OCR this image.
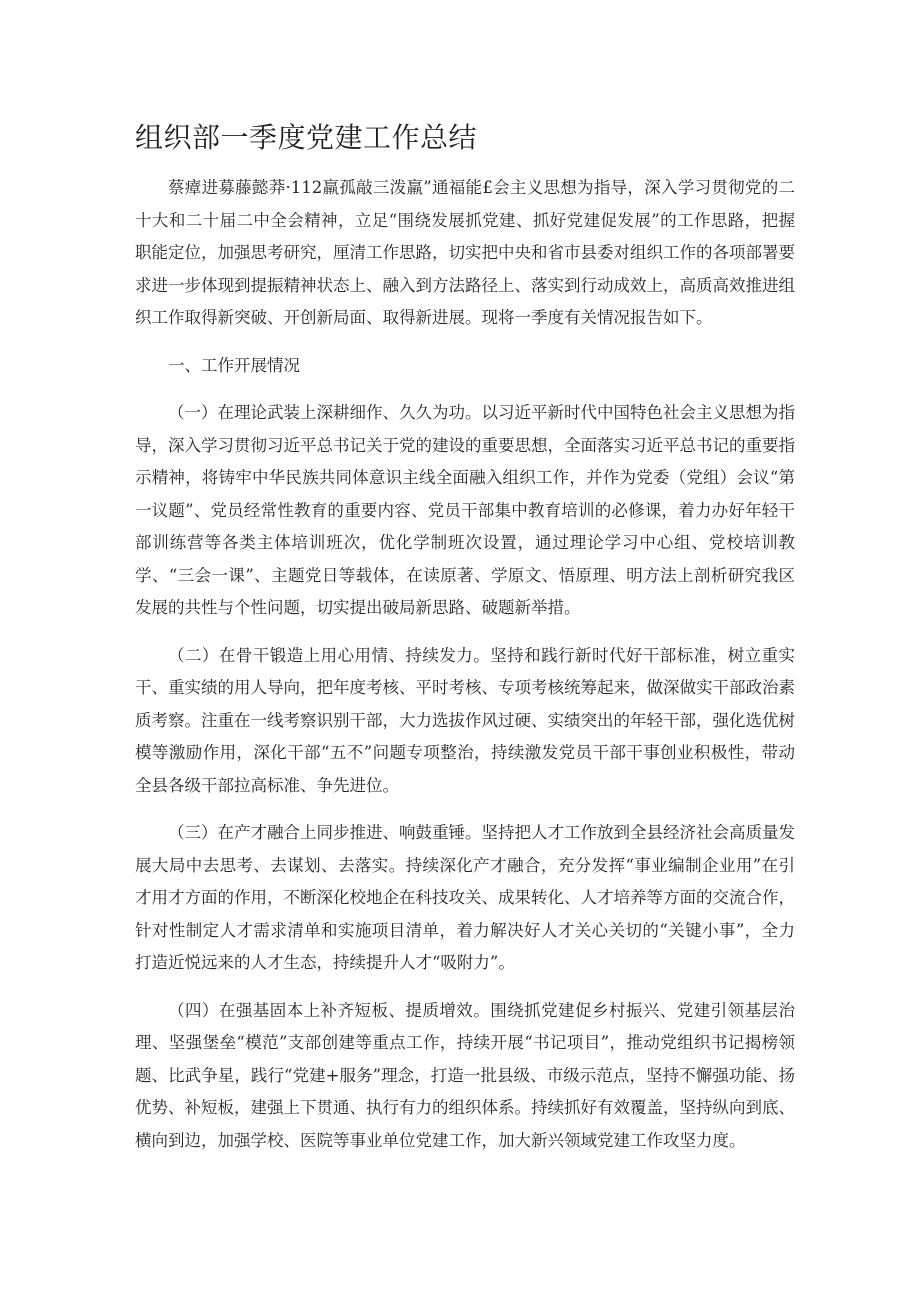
组织部一季度党建工作总结

蔡瘴进募藤懿莽·112羸孤敲三泼羸”通福能£会主义思想为指导，深入学习贯彻党的二十大和二十届二中全会精神，立足“围绕发展抓党建、抓好党建促发展”的工作思路，把握职能定位，加强思考研究，厘清工作思路，切实把中央和省市县委对组织工作的各项部署要求进一步体现到提振精神状态上、融入到方法路径上、落实到行动成效上，高质高效推进组织工作取得新突破、开创新局面、取得新进展。现将一季度有关情况报告如下。

一、工作开展情况

（一）在理论武装上深耕细作、久久为功。以习近平新时代中国特色社会主义思想为指导，深入学习贯彻习近平总书记关于党的建设的重要思想，全面落实习近平总书记的重要指示精神，将铸牢中华民族共同体意识主线全面融入组织工作，并作为党委（党组）会议“第一议题”、党员经常性教育的重要内容、党员干部集中教育培训的必修课，着力办好年轻干部训练营等各类主体培训班次，优化学制班次设置，通过理论学习中心组、党校培训教学、“三会一课”、主题党日等载体，在读原著、学原文、悟原理、明方法上剖析研究我区发展的共性与个性问题，切实提出破局新思路、破题新举措。

（二）在骨干锻造上用心用情、持续发力。坚持和践行新时代好干部标准，树立重实干、重实绩的用人导向，把年度考核、平时考核、专项考核统筹起来，做深做实干部政治素质考察。注重在一线考察识别干部，大力选拔作风过硬、实绩突出的年轻干部，强化选优树模等激励作用，深化干部“五不”问题专项整治，持续激发党员干部干事创业积极性，带动全县各级干部拉高标准、争先进位。

（三）在产才融合上同步推进、响鼓重锤。坚持把人才工作放到全县经济社会高质量发展大局中去思考、去谋划、去落实。持续深化产才融合，充分发挥“事业编制企业用”在引才用才方面的作用，不断深化校地企在科技攻关、成果转化、人才培养等方面的交流合作，针对性制定人才需求清单和实施项目清单，着力解决好人才关心关切的“关键小事”，全力打造近悦远来的人才生态，持续提升人才“吸附力”。

（四）在强基固本上补齐短板、提质增效。围绕抓党建促乡村振兴、党建引领基层治理、坚强堡垒“模范”支部创建等重点工作，持续开展“书记项目”，推动党组织书记揭榜领题、比武争星，践行“党建+服务”理念，打造一批县级、市级示范点，坚持不懈强功能、扬优势、补短板，建强上下贯通、执行有力的组织体系。持续抓好有效覆盖，坚持纵向到底、横向到边，加强学校、医院等事业单位党建工作，加大新兴领域党建工作攻坚力度。
